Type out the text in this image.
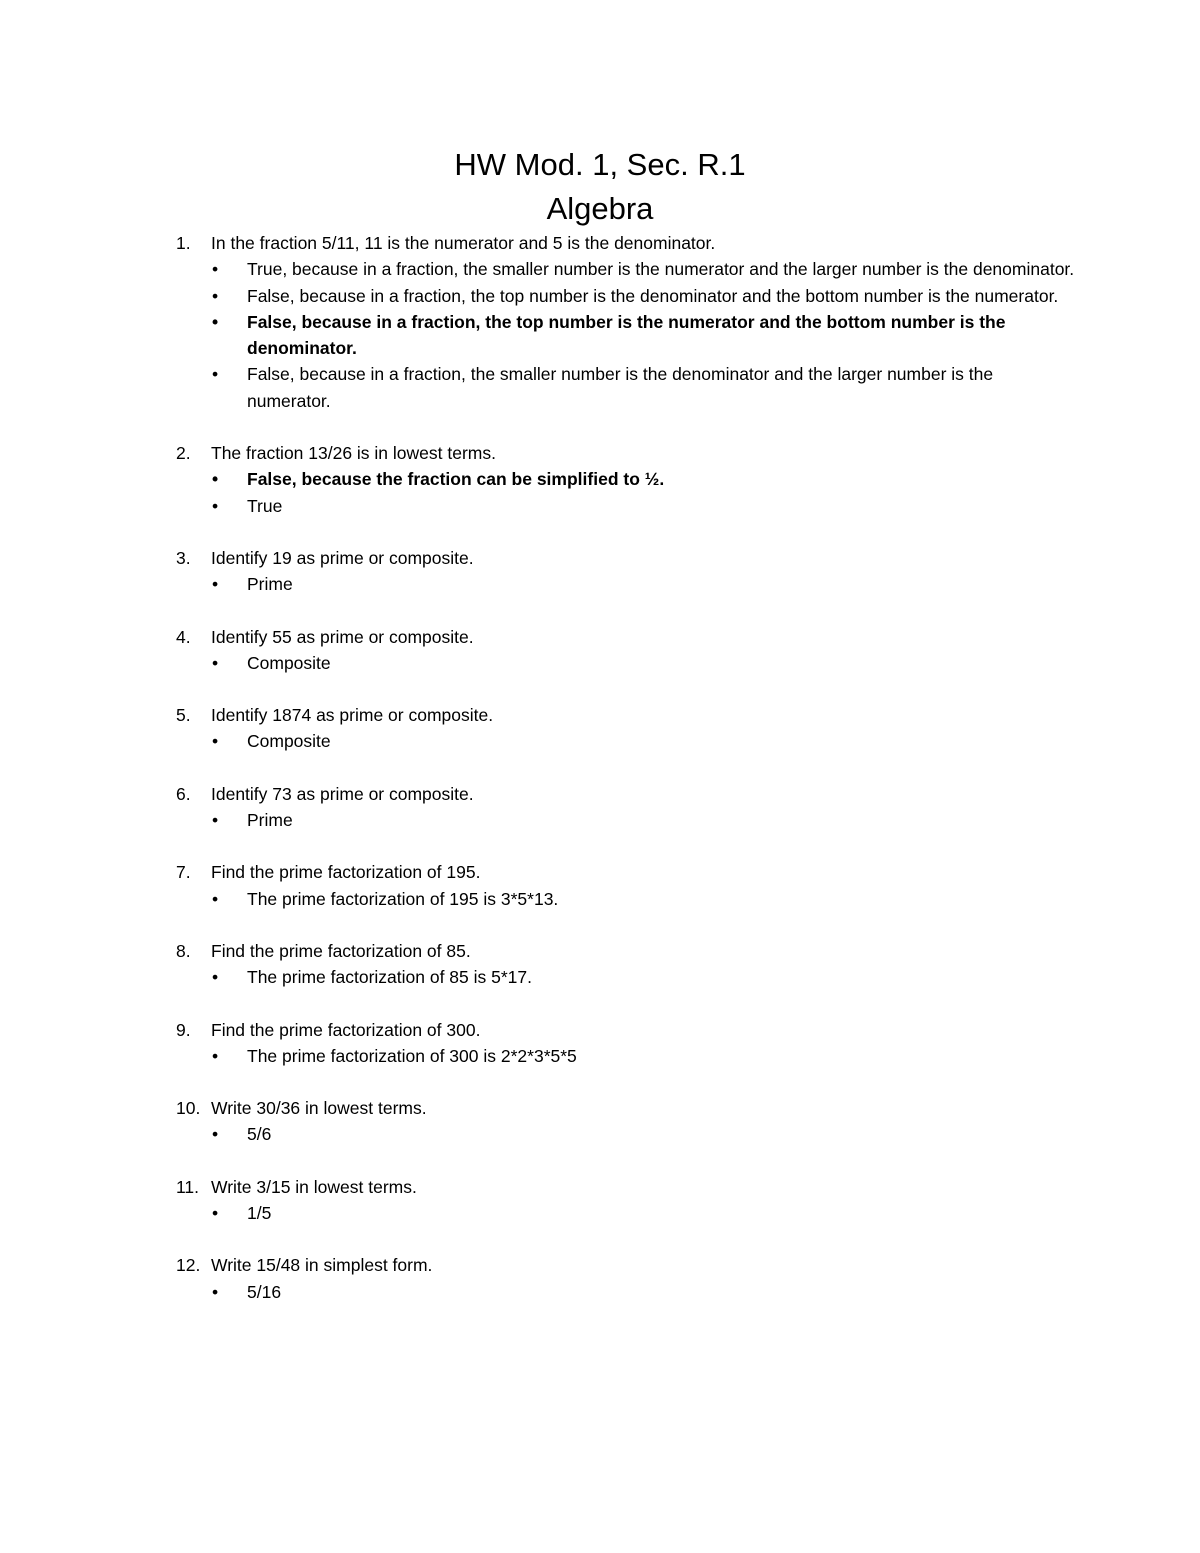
HW Mod. 1, Sec. R.1
Algebra
1. In the fraction 5/11, 11 is the numerator and 5 is the denominator.
• True, because in a fraction, the smaller number is the numerator and the larger number is the denominator.
• False, because in a fraction, the top number is the denominator and the bottom number is the numerator.
• False, because in a fraction, the top number is the numerator and the bottom number is the denominator.
• False, because in a fraction, the smaller number is the denominator and the larger number is the numerator.
2. The fraction 13/26 is in lowest terms.
• False, because the fraction can be simplified to ½.
• True
3. Identify 19 as prime or composite.
• Prime
4. Identify 55 as prime or composite.
• Composite
5. Identify 1874 as prime or composite.
• Composite
6. Identify 73 as prime or composite.
• Prime
7. Find the prime factorization of 195.
• The prime factorization of 195 is 3*5*13.
8. Find the prime factorization of 85.
• The prime factorization of 85 is 5*17.
9. Find the prime factorization of 300.
• The prime factorization of 300 is 2*2*3*5*5
10. Write 30/36 in lowest terms.
• 5/6
11. Write 3/15 in lowest terms.
• 1/5
12. Write 15/48 in simplest form.
• 5/16
